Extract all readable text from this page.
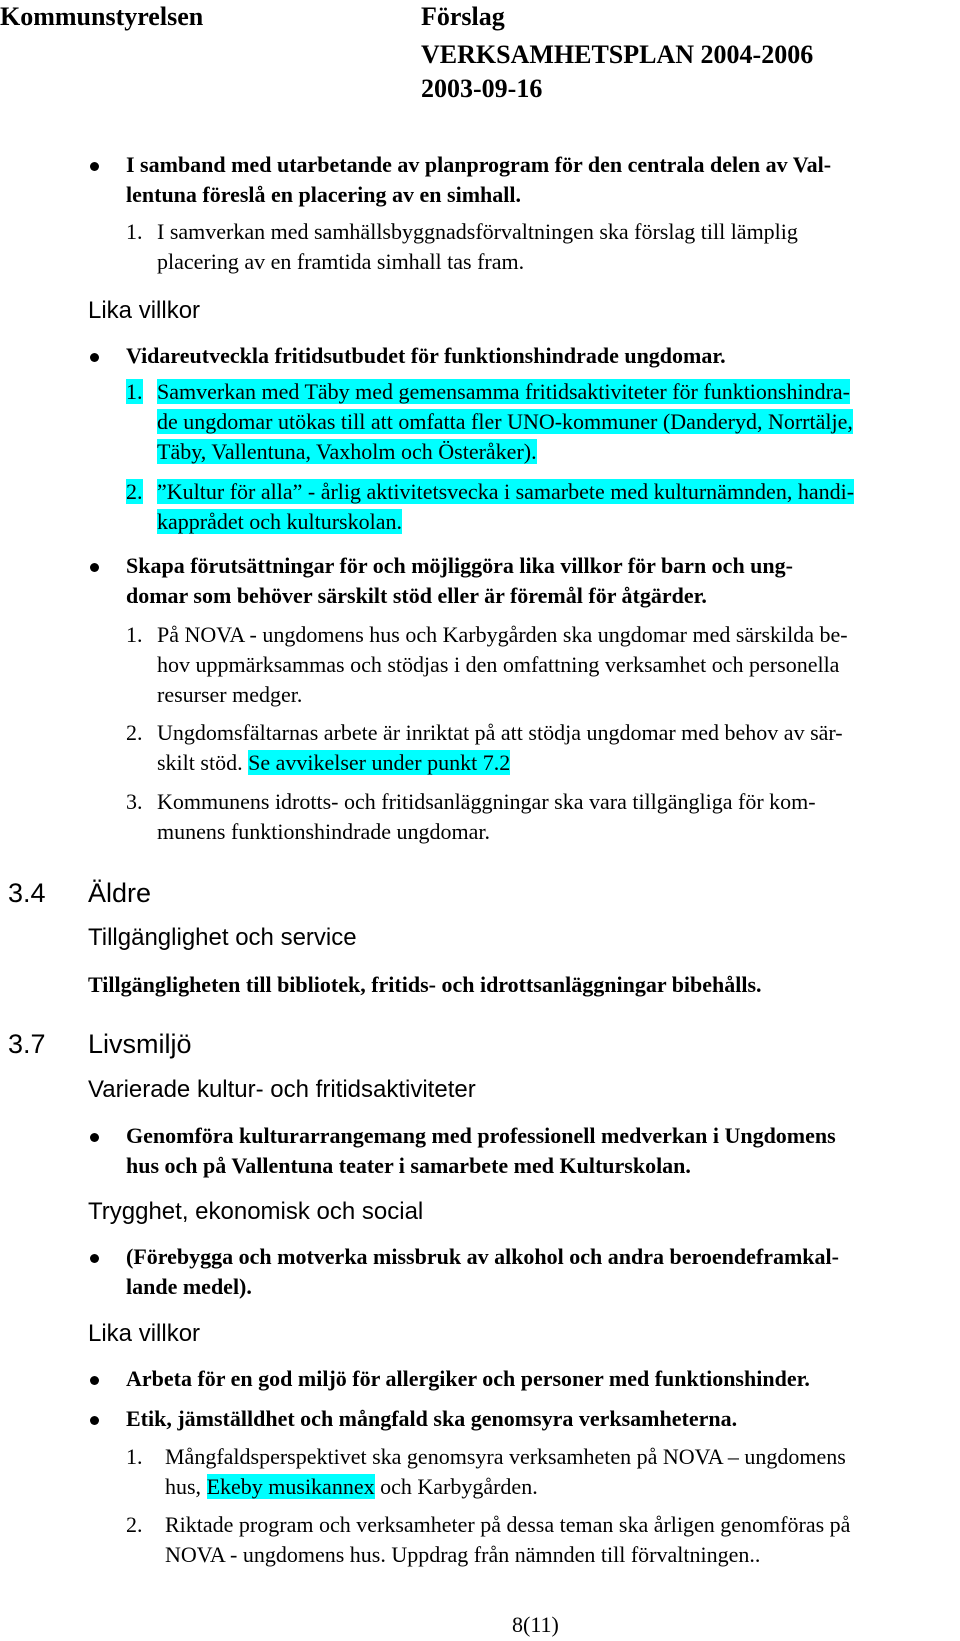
Kommunstyrelsen	Förslag
VERKSAMHETSPLAN 2004-2006
2003-09-16
I samband med utarbetande av planprogram för den centrala delen av Val-
lentuna föreslå en placering av en simhall.
1. I samverkan med samhällsbyggnadsförvaltningen ska förslag till lämplig
placering av en framtida simhall tas fram.
Lika villkor
Vidareutveckla fritidsutbudet för funktionshindrade ungdomar.
1. Samverkan med Täby med gemensamma fritidsaktiviteter för funktionshindra-
de ungdomar utökas till att omfatta fler UNO-kommuner (Danderyd, Norrtälje,
Täby, Vallentuna, Vaxholm och Österåker).
2. ”Kultur för alla” - årlig aktivitetsvecka i samarbete med kulturnämnden, handi-
kapprådet och kulturskolan.
Skapa förutsättningar för och möjliggöra lika villkor för barn och ung-
domar som behöver särskilt stöd eller är föremål för åtgärder.
1. På NOVA - ungdomens hus och Karbygården ska ungdomar med särskilda be-
hov uppmärksammas och stödjas i den omfattning verksamhet och personella
resurser medger.
2. Ungdomsfältarnas arbete är inriktat på att stödja ungdomar med behov av sär-
skilt stöd. Se avvikelser under punkt 7.2
3. Kommunens idrotts- och fritidsanläggningar ska vara tillgängliga för kom-
munens funktionshindrade ungdomar.
3.4 Äldre
Tillgänglighet och service
Tillgängligheten till bibliotek, fritids- och idrottsanläggningar bibehålls.
3.7 Livsmiljö
Varierade kultur- och fritidsaktiviteter
Genomföra kulturarrangemang med professionell medverkan i Ungdomens
hus och på Vallentuna teater i samarbete med Kulturskolan.
Trygghet, ekonomisk och social
(Förebygga och motverka missbruk av alkohol och andra beroendeframkal-
lande medel).
Lika villkor
Arbeta för en god miljö för allergiker och personer med funktionshinder.
Etik, jämställdhet och mångfald ska genomsyra verksamheterna.
1. Mångfaldsperspektivet ska genomsyra verksamheten på NOVA – ungdomens
hus, Ekeby musikannex och Karbygården.
2. Riktade program och verksamheter på dessa teman ska årligen genomföras på
NOVA - ungdomens hus. Uppdrag från nämnden till förvaltningen..
8(11)
